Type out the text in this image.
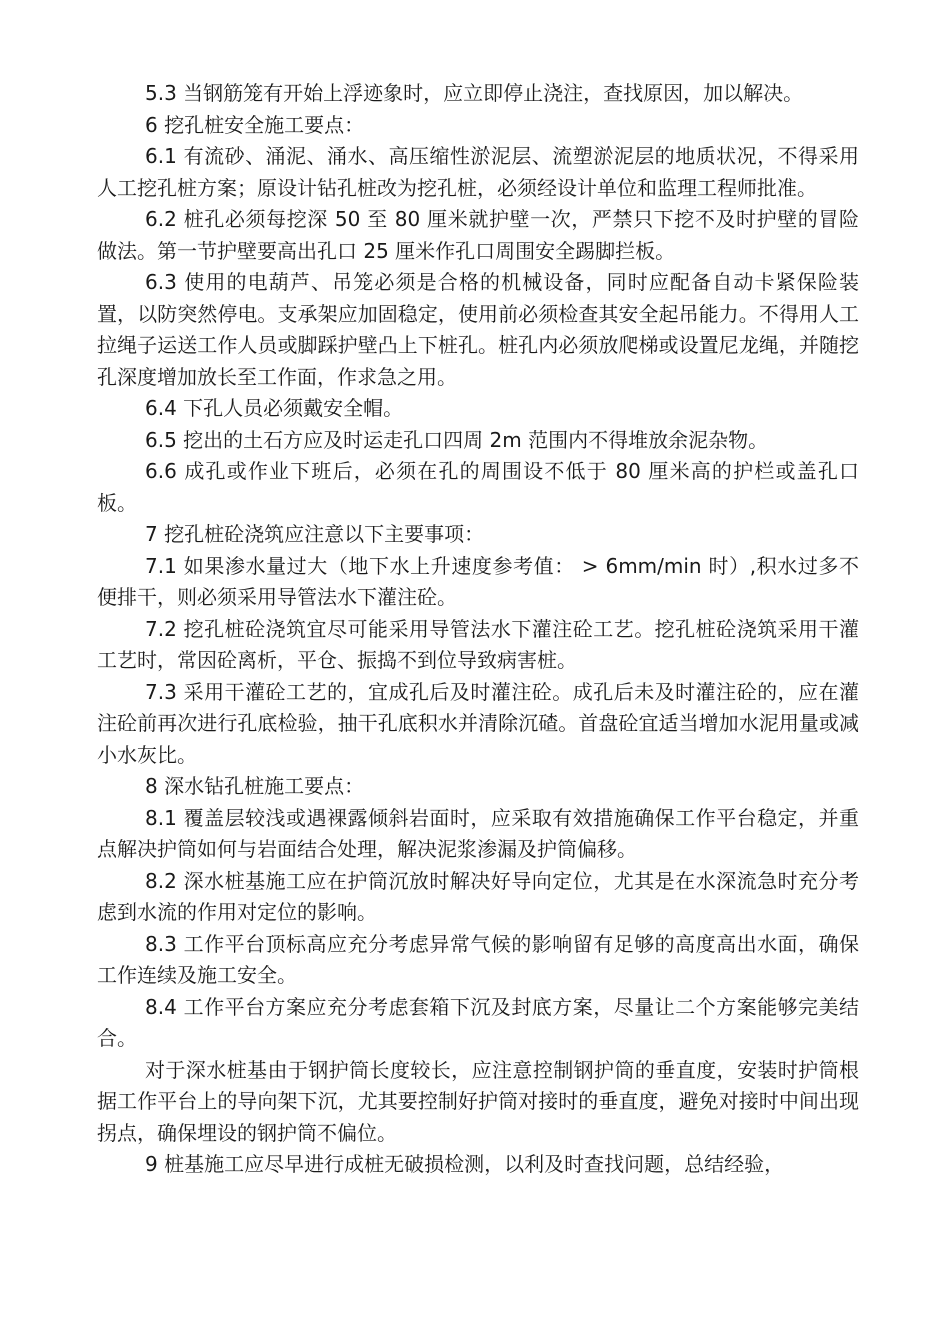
5.3 当钢筋笼有开始上浮迹象时，应立即停止浇注，查找原因，加以解决。

6 挖孔桩安全施工要点：

6.1 有流砂、涌泥、涌水、高压缩性淤泥层、流塑淤泥层的地质状况，不得采用人工挖孔桩方案；原设计钻孔桩改为挖孔桩，必须经设计单位和监理工程师批准。

6.2 桩孔必须每挖深 50 至 80 厘米就护壁一次，严禁只下挖不及时护壁的冒险做法。第一节护壁要高出孔口 25 厘米作孔口周围安全踢脚拦板。

6.3 使用的电葫芦、吊笼必须是合格的机械设备，同时应配备自动卡紧保险装置，以防突然停电。支承架应加固稳定，使用前必须检查其安全起吊能力。不得用人工拉绳子运送工作人员或脚踩护壁凸上下桩孔。桩孔内必须放爬梯或设置尼龙绳，并随挖孔深度增加放长至工作面，作求急之用。

6.4 下孔人员必须戴安全帽。

6.5 挖出的土石方应及时运走孔口四周 2m 范围内不得堆放余泥杂物。

6.6 成孔或作业下班后，必须在孔的周围设不低于 80 厘米高的护栏或盖孔口板。

7 挖孔桩砼浇筑应注意以下主要事项：

7.1 如果渗水量过大（地下水上升速度参考值： > 6mm/min 时）,积水过多不便排干，则必须采用导管法水下灌注砼。

7.2 挖孔桩砼浇筑宜尽可能采用导管法水下灌注砼工艺。挖孔桩砼浇筑采用干灌工艺时，常因砼离析，平仓、振捣不到位导致病害桩。

7.3 采用干灌砼工艺的，宜成孔后及时灌注砼。成孔后未及时灌注砼的，应在灌注砼前再次进行孔底检验，抽干孔底积水并清除沉碴。首盘砼宜适当增加水泥用量或减小水灰比。

8 深水钻孔桩施工要点：

8.1 覆盖层较浅或遇裸露倾斜岩面时，应采取有效措施确保工作平台稳定，并重点解决护筒如何与岩面结合处理，解决泥浆渗漏及护筒偏移。

8.2 深水桩基施工应在护筒沉放时解决好导向定位，尤其是在水深流急时充分考虑到水流的作用对定位的影响。

8.3 工作平台顶标高应充分考虑异常气候的影响留有足够的高度高出水面，确保工作连续及施工安全。

8.4 工作平台方案应充分考虑套箱下沉及封底方案，尽量让二个方案能够完美结合。

对于深水桩基由于钢护筒长度较长，应注意控制钢护筒的垂直度，安装时护筒根据工作平台上的导向架下沉，尤其要控制好护筒对接时的垂直度，避免对接时中间出现拐点，确保埋设的钢护筒不偏位。

9 桩基施工应尽早进行成桩无破损检测，以利及时查找问题，总结经验，
